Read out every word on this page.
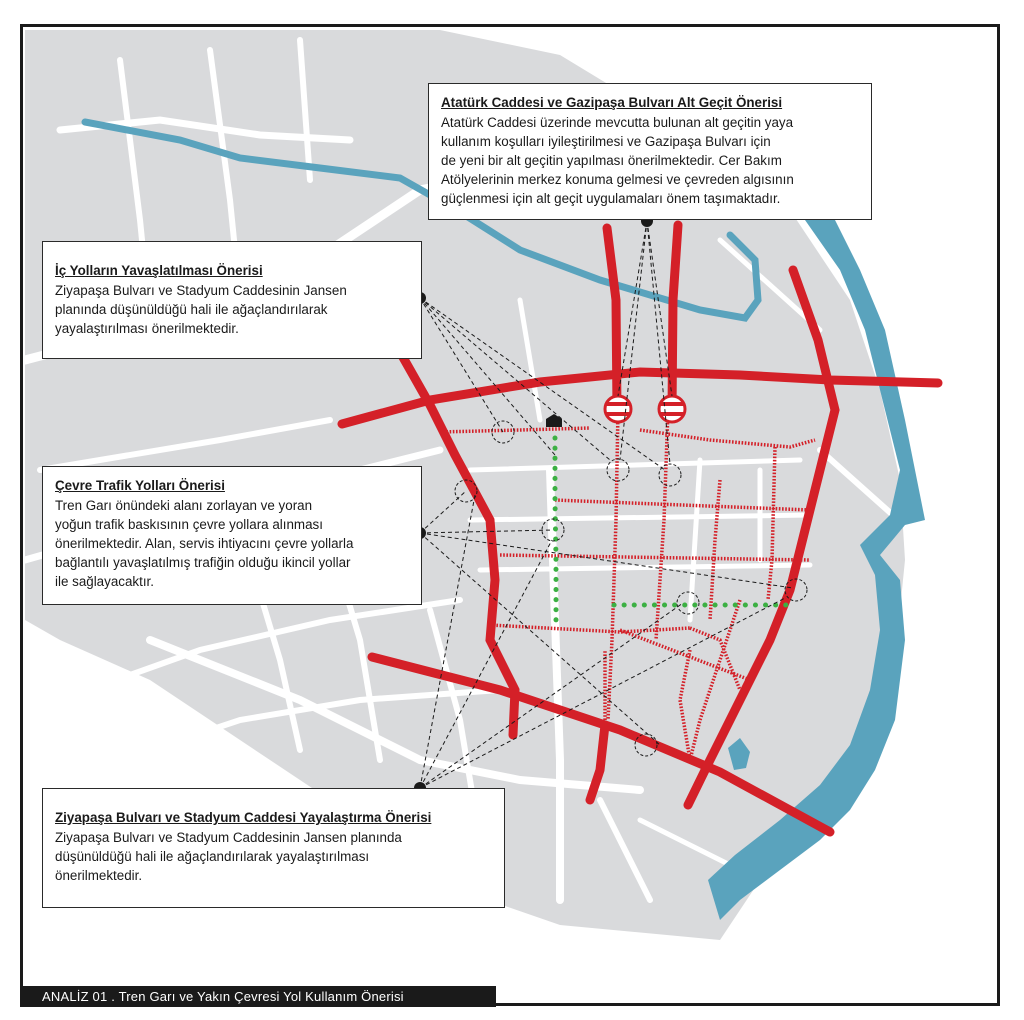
Atatürk Caddesi ve Gazipaşa Bulvarı Alt Geçit Önerisi

Atatürk Caddesi üzerinde mevcutta bulunan alt geçitin yaya

kullanım koşulları iyileştirilmesi ve Gazipaşa Bulvarı için

de yeni bir alt geçitin yapılması önerilmektedir. Cer Bakım

Atölyelerinin merkez konuma gelmesi ve çevreden algısının

güçlenmesi için alt geçit uygulamaları önem taşımaktadır.

İç Yolların Yavaşlatılması Önerisi

Ziyapaşa Bulvarı ve Stadyum Caddesinin Jansen

planında düşünüldüğü hali ile ağaçlandırılarak

yayalaştırılması önerilmektedir.

Çevre Trafik Yolları Önerisi

Tren Garı önündeki alanı zorlayan ve yoran

yoğun trafik baskısının çevre yollara alınması

önerilmektedir. Alan, servis ihtiyacını çevre yollarla

bağlantılı yavaşlatılmış trafiğin olduğu ikincil yollar

ile sağlayacaktır.

Ziyapaşa Bulvarı ve Stadyum Caddesi Yayalaştırma Önerisi

Ziyapaşa Bulvarı ve Stadyum Caddesinin Jansen planında

düşünüldüğü hali ile ağaçlandırılarak yayalaştırılması

önerilmektedir.

ANALİZ 01 . Tren Garı ve Yakın Çevresi Yol Kullanım Önerisi
